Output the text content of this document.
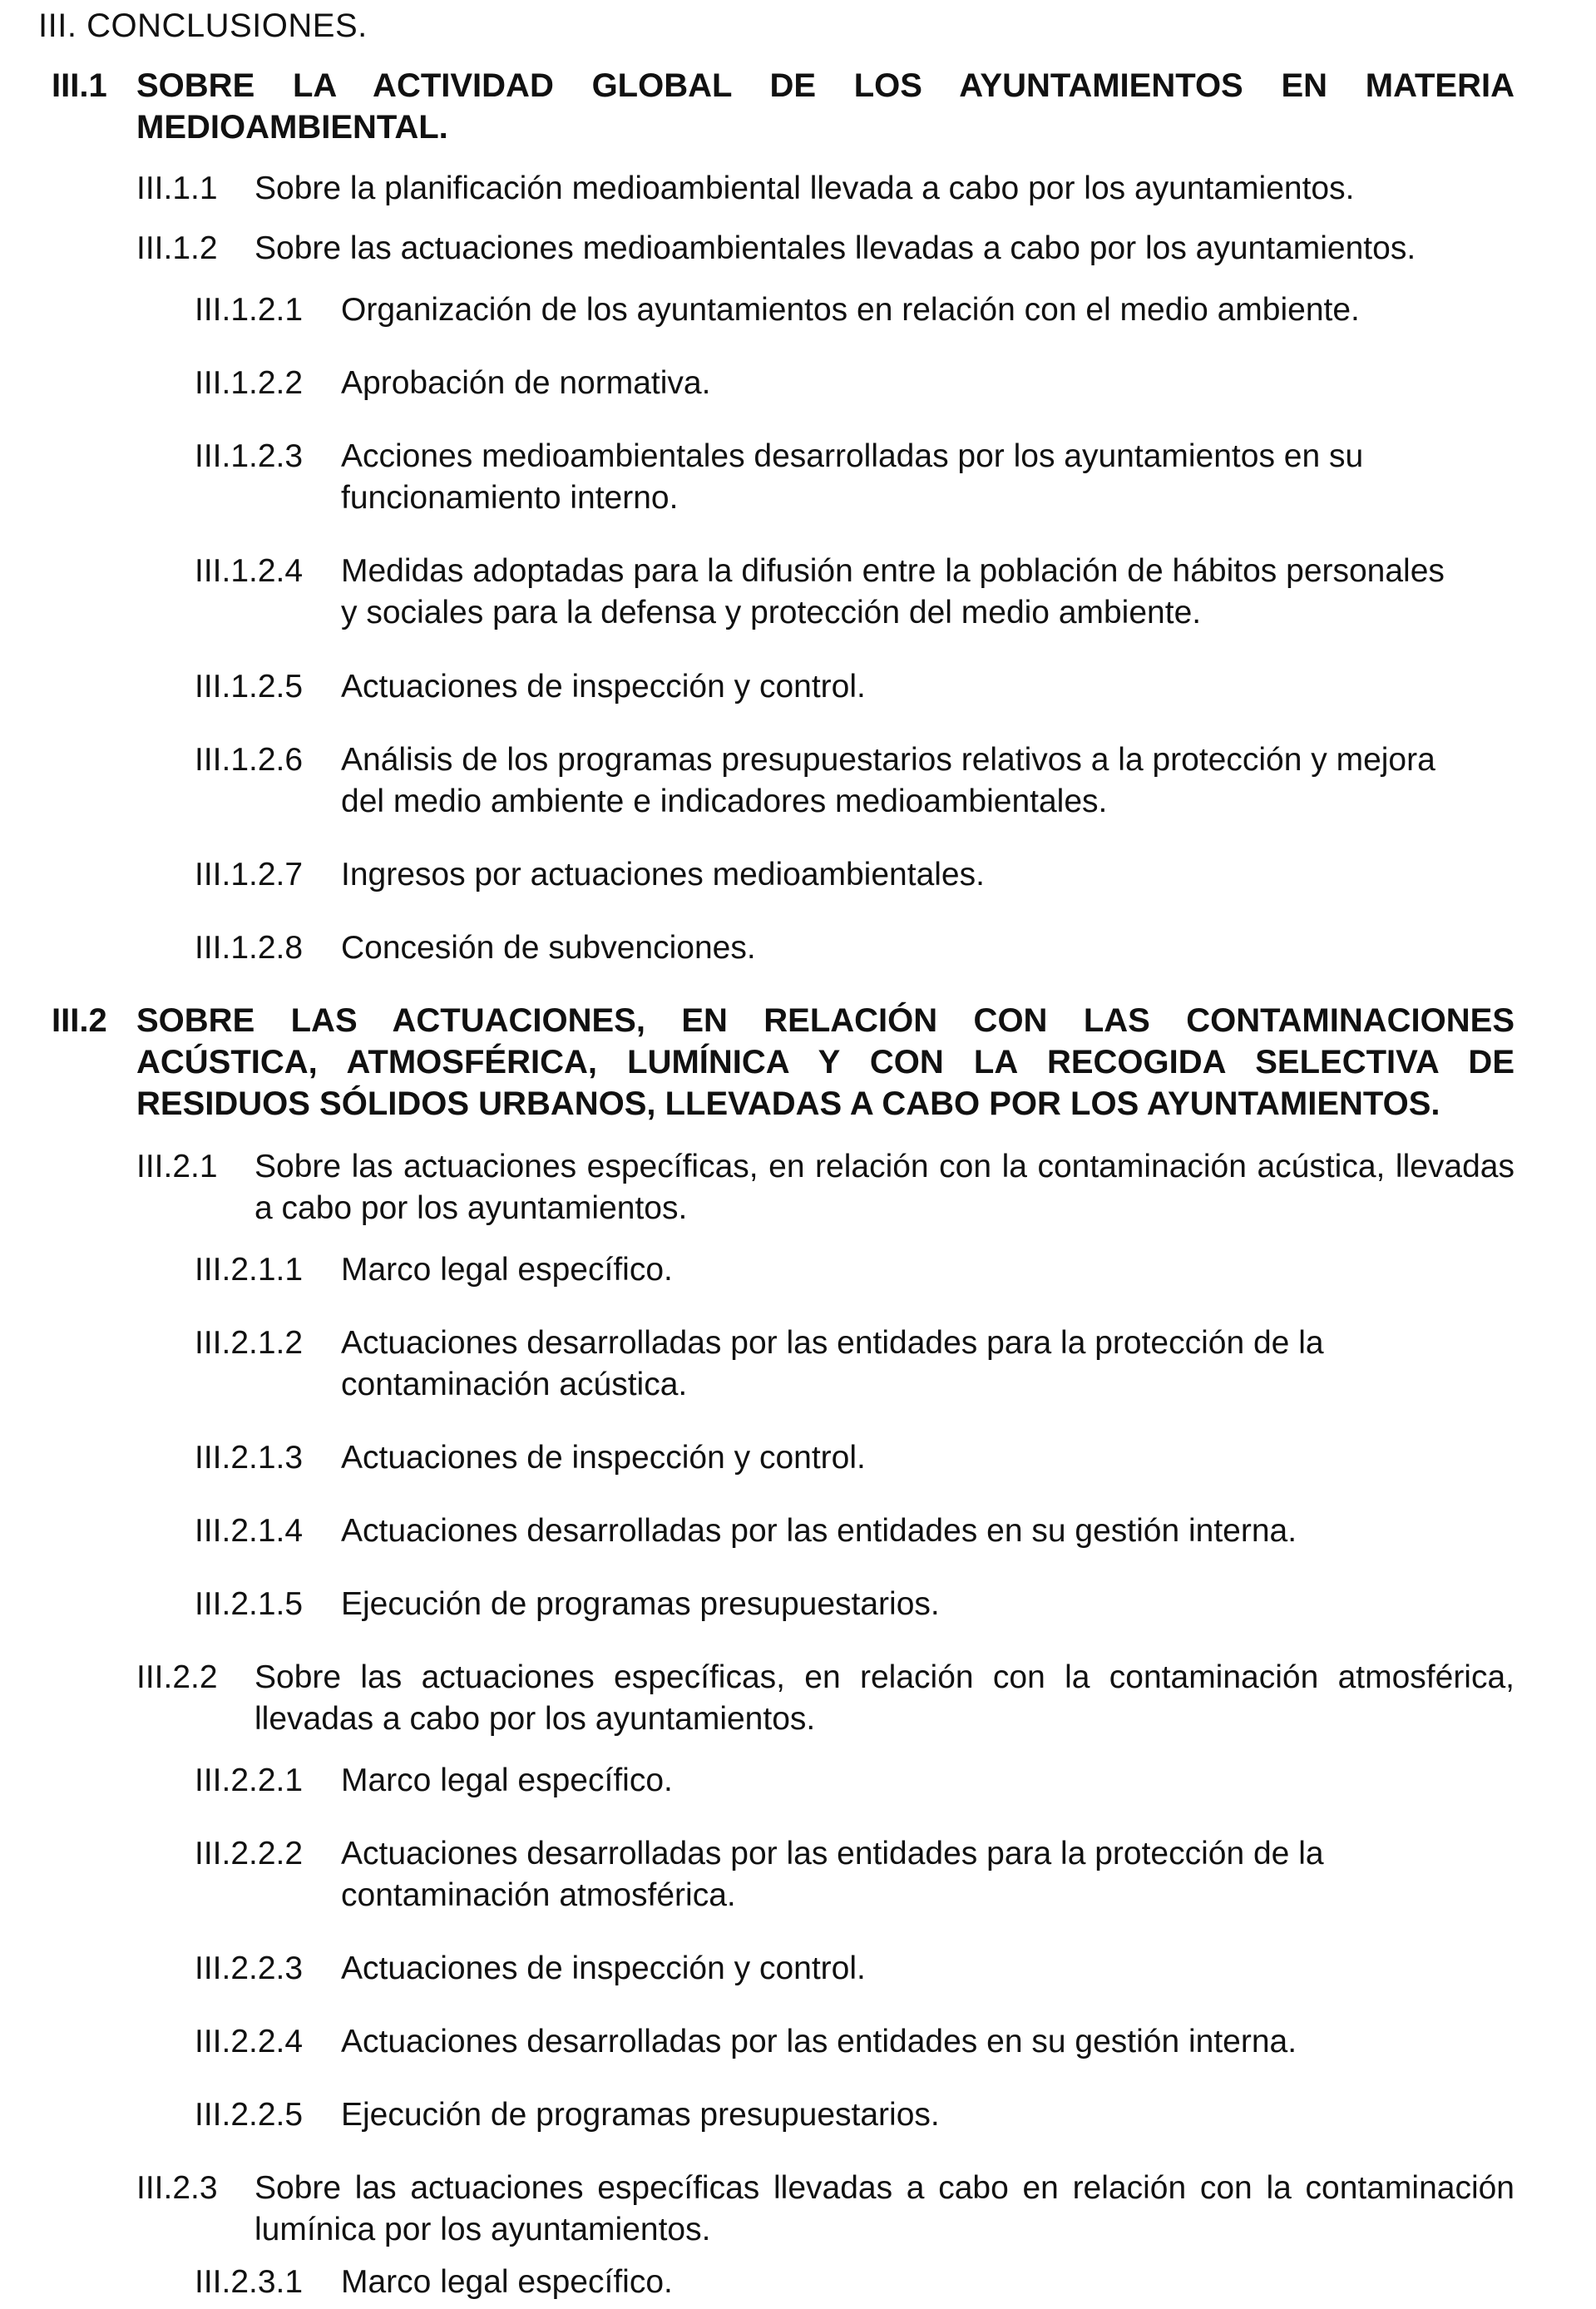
III. CONCLUSIONES.
III.1 SOBRE LA ACTIVIDAD GLOBAL DE LOS AYUNTAMIENTOS EN MATERIA MEDIOAMBIENTAL.
III.1.1	Sobre la planificación medioambiental llevada a cabo por los ayuntamientos.
III.1.2	Sobre las actuaciones medioambientales llevadas a cabo por los ayuntamientos.
III.1.2.1	Organización de los ayuntamientos en relación con el medio ambiente.
III.1.2.2	Aprobación de normativa.
III.1.2.3	Acciones medioambientales desarrolladas por los ayuntamientos en su funcionamiento interno.
III.1.2.4	Medidas adoptadas para la difusión entre la población de hábitos personales y sociales para la defensa y protección del medio ambiente.
III.1.2.5	Actuaciones de inspección y control.
III.1.2.6	Análisis de los programas presupuestarios relativos a la protección y mejora del medio ambiente e indicadores medioambientales.
III.1.2.7	Ingresos por actuaciones medioambientales.
III.1.2.8	Concesión de subvenciones.
III.2 SOBRE LAS ACTUACIONES, EN RELACIÓN CON LAS CONTAMINACIONES ACÚSTICA, ATMOSFÉRICA, LUMÍNICA Y CON LA RECOGIDA SELECTIVA DE RESIDUOS SÓLIDOS URBANOS, LLEVADAS A CABO POR LOS AYUNTAMIENTOS.
III.2.1	Sobre las actuaciones específicas, en relación con la contaminación acústica, llevadas a cabo por los ayuntamientos.
III.2.1.1	Marco legal específico.
III.2.1.2	Actuaciones desarrolladas por las entidades para la protección de la contaminación acústica.
III.2.1.3	Actuaciones de inspección y control.
III.2.1.4	Actuaciones desarrolladas por las entidades en su gestión interna.
III.2.1.5	Ejecución de programas presupuestarios.
III.2.2	Sobre las actuaciones específicas, en relación con la contaminación atmosférica, llevadas a cabo por los ayuntamientos.
III.2.2.1	Marco legal específico.
III.2.2.2	Actuaciones desarrolladas por las entidades para la protección de la contaminación atmosférica.
III.2.2.3	Actuaciones de inspección y control.
III.2.2.4	Actuaciones desarrolladas por las entidades en su gestión interna.
III.2.2.5	Ejecución de programas presupuestarios.
III.2.3	Sobre las actuaciones específicas llevadas a cabo en relación con la contaminación lumínica por los ayuntamientos.
III.2.3.1	Marco legal específico.
